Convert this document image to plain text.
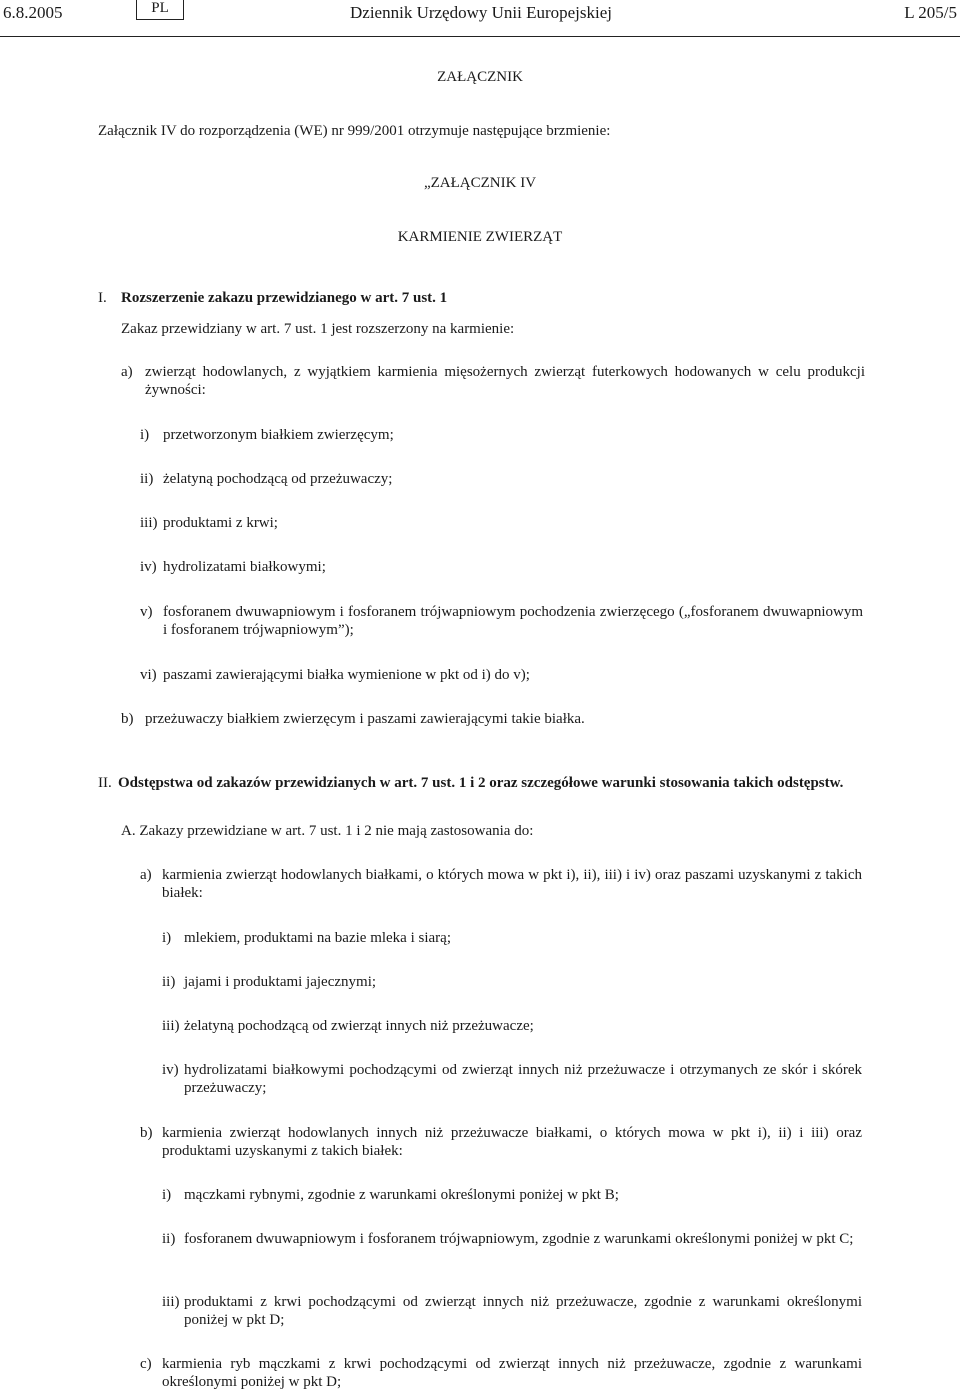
6.8.2005	PL	Dziennik Urzędowy Unii Europejskiej	L 205/5
ZAŁĄCZNIK
Załącznik IV do rozporządzenia (WE) nr 999/2001 otrzymuje następujące brzmienie:
„ZAŁĄCZNIK IV
KARMIENIE ZWIERZĄT
I. Rozszerzenie zakazu przewidzianego w art. 7 ust. 1
Zakaz przewidziany w art. 7 ust. 1 jest rozszerzony na karmienie:
a) zwierząt hodowlanych, z wyjątkiem karmienia mięsożernych zwierząt futerkowych hodowanych w celu produkcji żywności:
i) przetworzonym białkiem zwierzęcym;
ii) żelatyną pochodzącą od przeżuwaczy;
iii) produktami z krwi;
iv) hydrolizatami białkowymi;
v) fosforanem dwuwapniowym i fosforanem trójwapniowym pochodzenia zwierzęcego („fosforanem dwuwapniowym i fosforanem trójwapniowym”);
vi) paszami zawierającymi białka wymienione w pkt od i) do v);
b) przeżuwaczy białkiem zwierzęcym i paszami zawierającymi takie białka.
II. Odstępstwa od zakazów przewidzianych w art. 7 ust. 1 i 2 oraz szczegółowe warunki stosowania takich odstępstw.
A. Zakazy przewidziane w art. 7 ust. 1 i 2 nie mają zastosowania do:
a) karmienia zwierząt hodowlanych białkami, o których mowa w pkt i), ii), iii) i iv) oraz paszami uzyskanymi z takich białek:
i) mlekiem, produktami na bazie mleka i siarą;
ii) jajami i produktami jajecznymi;
iii) żelatyną pochodzącą od zwierząt innych niż przeżuwacze;
iv) hydrolizatami białkowymi pochodzącymi od zwierząt innych niż przeżuwacze i otrzymanych ze skór i skórek przeżuwaczy;
b) karmienia zwierząt hodowlanych innych niż przeżuwacze białkami, o których mowa w pkt i), ii) i iii) oraz produktami uzyskanymi z takich białek:
i) mączkami rybnymi, zgodnie z warunkami określonymi poniżej w pkt B;
ii) fosforanem dwuwapniowym i fosforanem trójwapniowym, zgodnie z warunkami określonymi poniżej w pkt C;
iii) produktami z krwi pochodzącymi od zwierząt innych niż przeżuwacze, zgodnie z warunkami określonymi poniżej w pkt D;
c) karmienia ryb mączkami z krwi pochodzącymi od zwierząt innych niż przeżuwacze, zgodnie z warunkami określonymi poniżej w pkt D;
